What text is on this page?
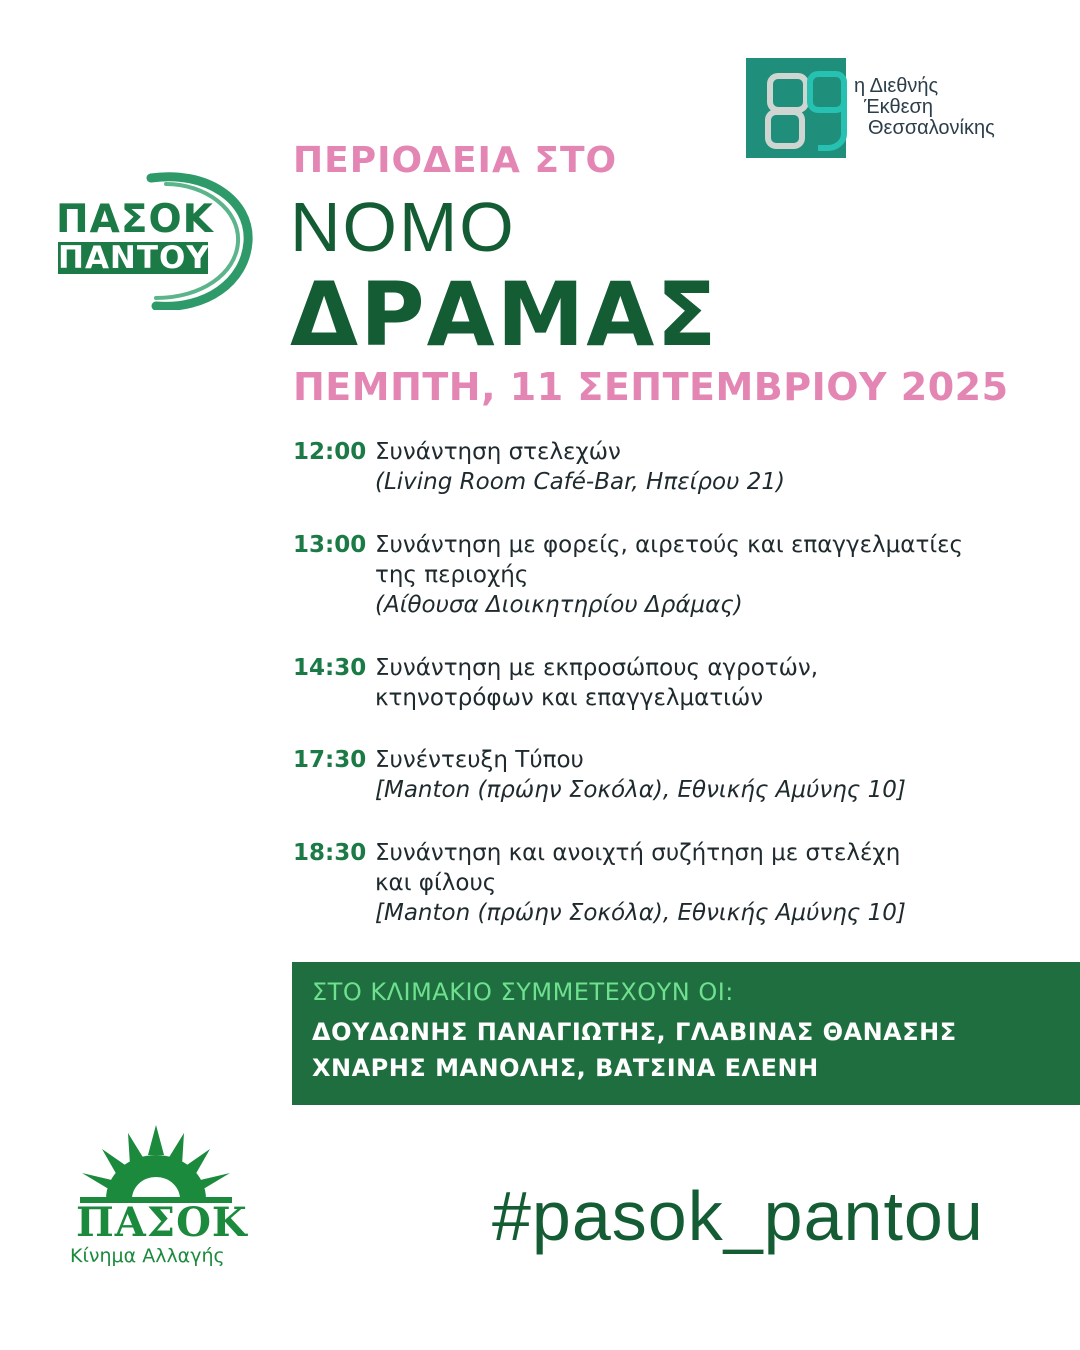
ΠΑΣΟΚ
ΠΑΝΤΟΥ
η Διεθνής
Έκθεση
Θεσσαλονίκης
ΠΕΡΙΟΔΕΙΑ ΣΤΟ
ΝΟΜΟ
ΔΡΑΜΑΣ
ΠΕΜΠΤΗ, 11 ΣΕΠΤΕΜΒΡΙΟΥ 2025
12:00 Συνάντηση στελεχών
(Living Room Café-Bar, Ηπείρου 21)
13:00 Συνάντηση με φορείς, αιρετούς και επαγγελματίες
της περιοχής
(Αίθουσα Διοικητηρίου Δράμας)
14:30 Συνάντηση με εκπροσώπους αγροτών,
κτηνοτρόφων και επαγγελματιών
17:30 Συνέντευξη Τύπου
[Manton (πρώην Σοκόλα), Εθνικής Αμύνης 10]
18:30 Συνάντηση και ανοιχτή συζήτηση με στελέχη
και φίλους
[Manton (πρώην Σοκόλα), Εθνικής Αμύνης 10]
ΣΤΟ ΚΛΙΜΑΚΙΟ ΣΥΜΜΕΤΕΧΟΥΝ ΟΙ:
ΔΟΥΔΩΝΗΣ ΠΑΝΑΓΙΩΤΗΣ, ΓΛΑΒΙΝΑΣ ΘΑΝΑΣΗΣ
ΧΝΑΡΗΣ ΜΑΝΟΛΗΣ, ΒΑΤΣΙΝΑ ΕΛΕΝΗ
ΠΑΣΟΚ
Κίνημα Αλλαγής
#pasok_pantou
